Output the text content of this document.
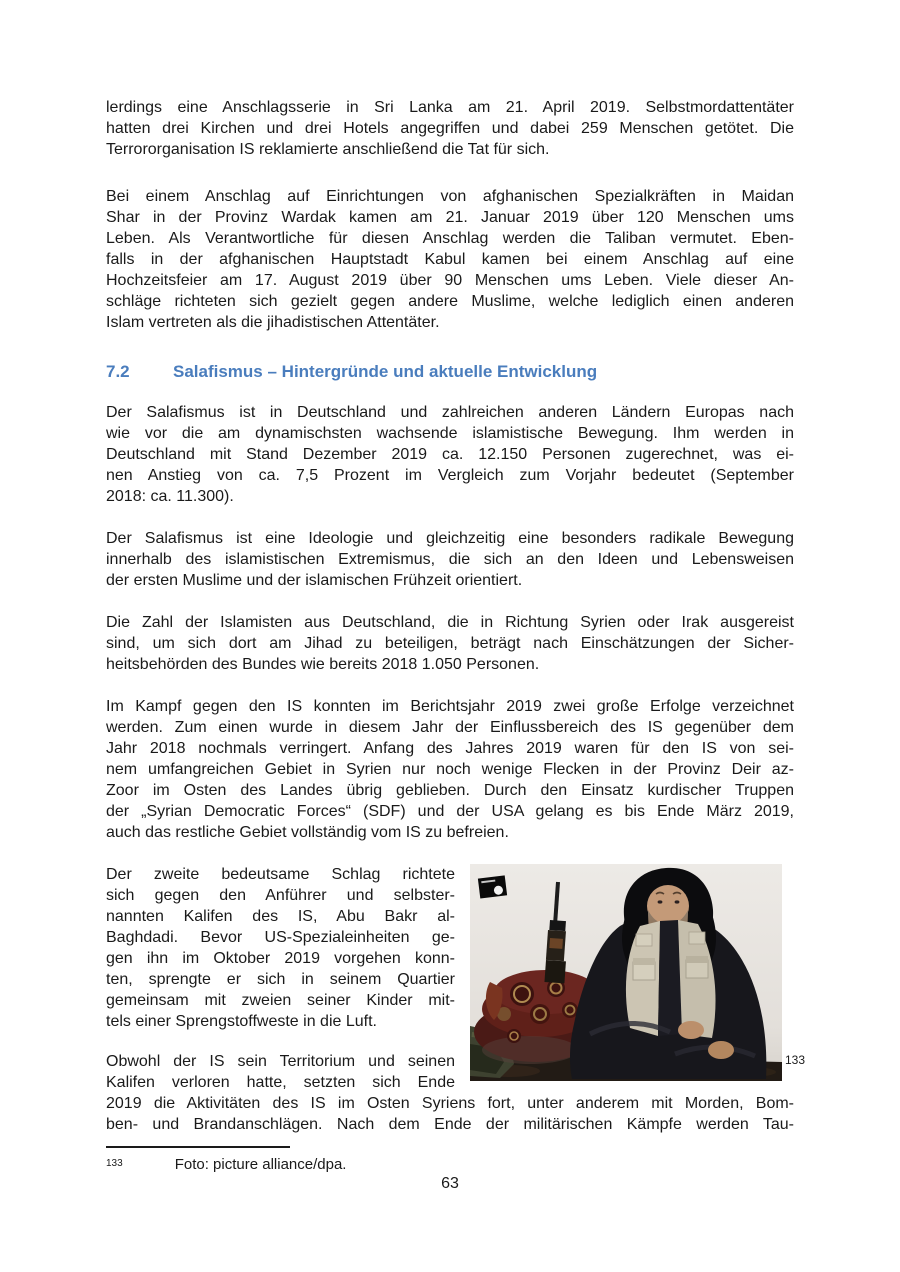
lerdings eine Anschlagsserie in Sri Lanka am 21. April 2019. Selbstmordattentäter
hatten drei Kirchen und drei Hotels angegriffen und dabei 259 Menschen getötet. Die
Terrororganisation IS reklamierte anschließend die Tat für sich.
Bei einem Anschlag auf Einrichtungen von afghanischen Spezialkräften in Maidan
Shar in der Provinz Wardak kamen am 21. Januar 2019 über 120 Menschen ums
Leben. Als Verantwortliche für diesen Anschlag werden die Taliban vermutet. Eben-
falls in der afghanischen Hauptstadt Kabul kamen bei einem Anschlag auf eine
Hochzeitsfeier am 17. August 2019 über 90 Menschen ums Leben. Viele dieser An-
schläge richteten sich gezielt gegen andere Muslime, welche lediglich einen anderen
Islam vertreten als die jihadistischen Attentäter.
7.2	Salafismus – Hintergründe und aktuelle Entwicklung
Der Salafismus ist in Deutschland und zahlreichen anderen Ländern Europas nach
wie vor die am dynamischsten wachsende islamistische Bewegung. Ihm werden in
Deutschland mit Stand Dezember 2019 ca. 12.150 Personen zugerechnet, was ei-
nen Anstieg von ca. 7,5 Prozent im Vergleich zum Vorjahr bedeutet (September
2018: ca. 11.300).
Der Salafismus ist eine Ideologie und gleichzeitig eine besonders radikale Bewegung
innerhalb des islamistischen Extremismus, die sich an den Ideen und Lebensweisen
der ersten Muslime und der islamischen Frühzeit orientiert.
Die Zahl der Islamisten aus Deutschland, die in Richtung Syrien oder Irak ausgereist
sind, um sich dort am Jihad zu beteiligen, beträgt nach Einschätzungen der Sicher-
heitsbehörden des Bundes wie bereits 2018 1.050 Personen.
Im Kampf gegen den IS konnten im Berichtsjahr 2019 zwei große Erfolge verzeichnet
werden. Zum einen wurde in diesem Jahr der Einflussbereich des IS gegenüber dem
Jahr 2018 nochmals verringert. Anfang des Jahres 2019 waren für den IS von sei-
nem umfangreichen Gebiet in Syrien nur noch wenige Flecken in der Provinz Deir az-
Zoor im Osten des Landes übrig geblieben. Durch den Einsatz kurdischer Truppen
der „Syrian Democratic Forces“ (SDF) und der USA gelang es bis Ende März 2019,
auch das restliche Gebiet vollständig vom IS zu befreien.
Der zweite bedeutsame Schlag richtete
sich gegen den Anführer und selbster-
nannten Kalifen des IS, Abu Bakr al-
Baghdadi. Bevor US-Spezialeinheiten ge-
gen ihn im Oktober 2019 vorgehen konn-
ten, sprengte er sich in seinem Quartier
gemeinsam mit zweien seiner Kinder mit-
tels einer Sprengstoffweste in die Luft.
Obwohl der IS sein Territorium und seinen
Kalifen verloren hatte, setzten sich Ende
2019 die Aktivitäten des IS im Osten Syriens fort, unter anderem mit Morden, Bom-
ben- und Brandanschlägen. Nach dem Ende der militärischen Kämpfe werden Tau-
133
$^{133}$	Foto: picture alliance/dpa.
63
